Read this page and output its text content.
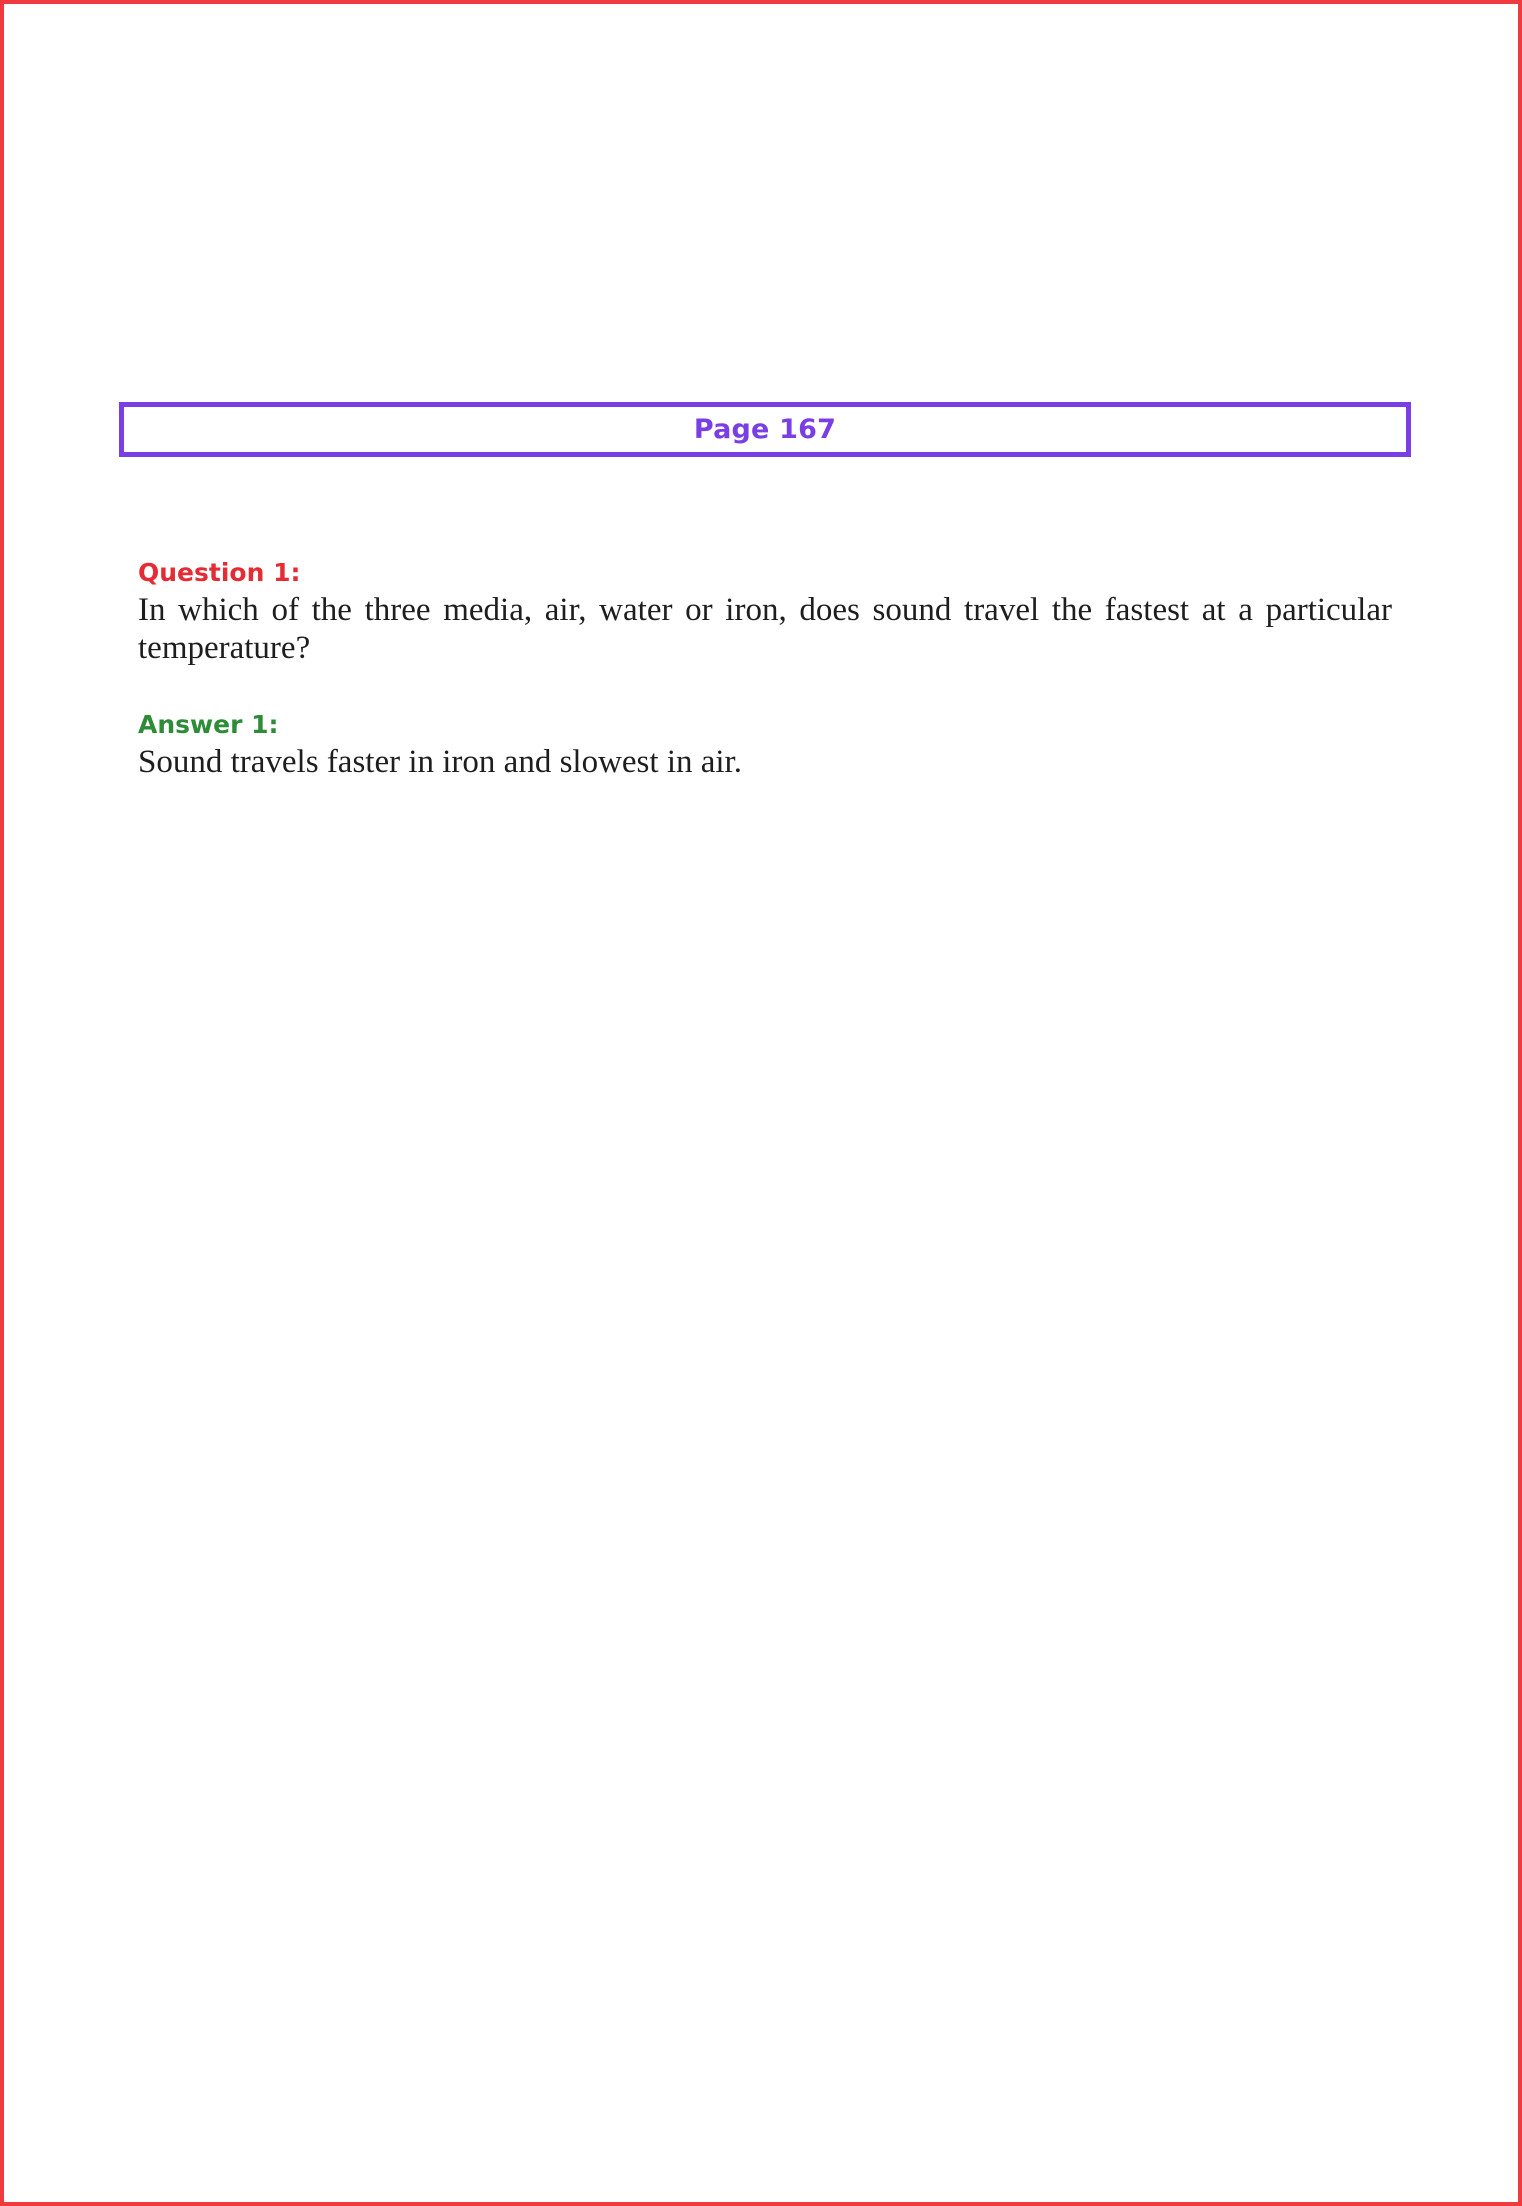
Page 167

Question 1:

In which of the three media, air, water or iron, does sound travel the fastest at a particular temperature?

Answer 1:

Sound travels faster in iron and slowest in air.
